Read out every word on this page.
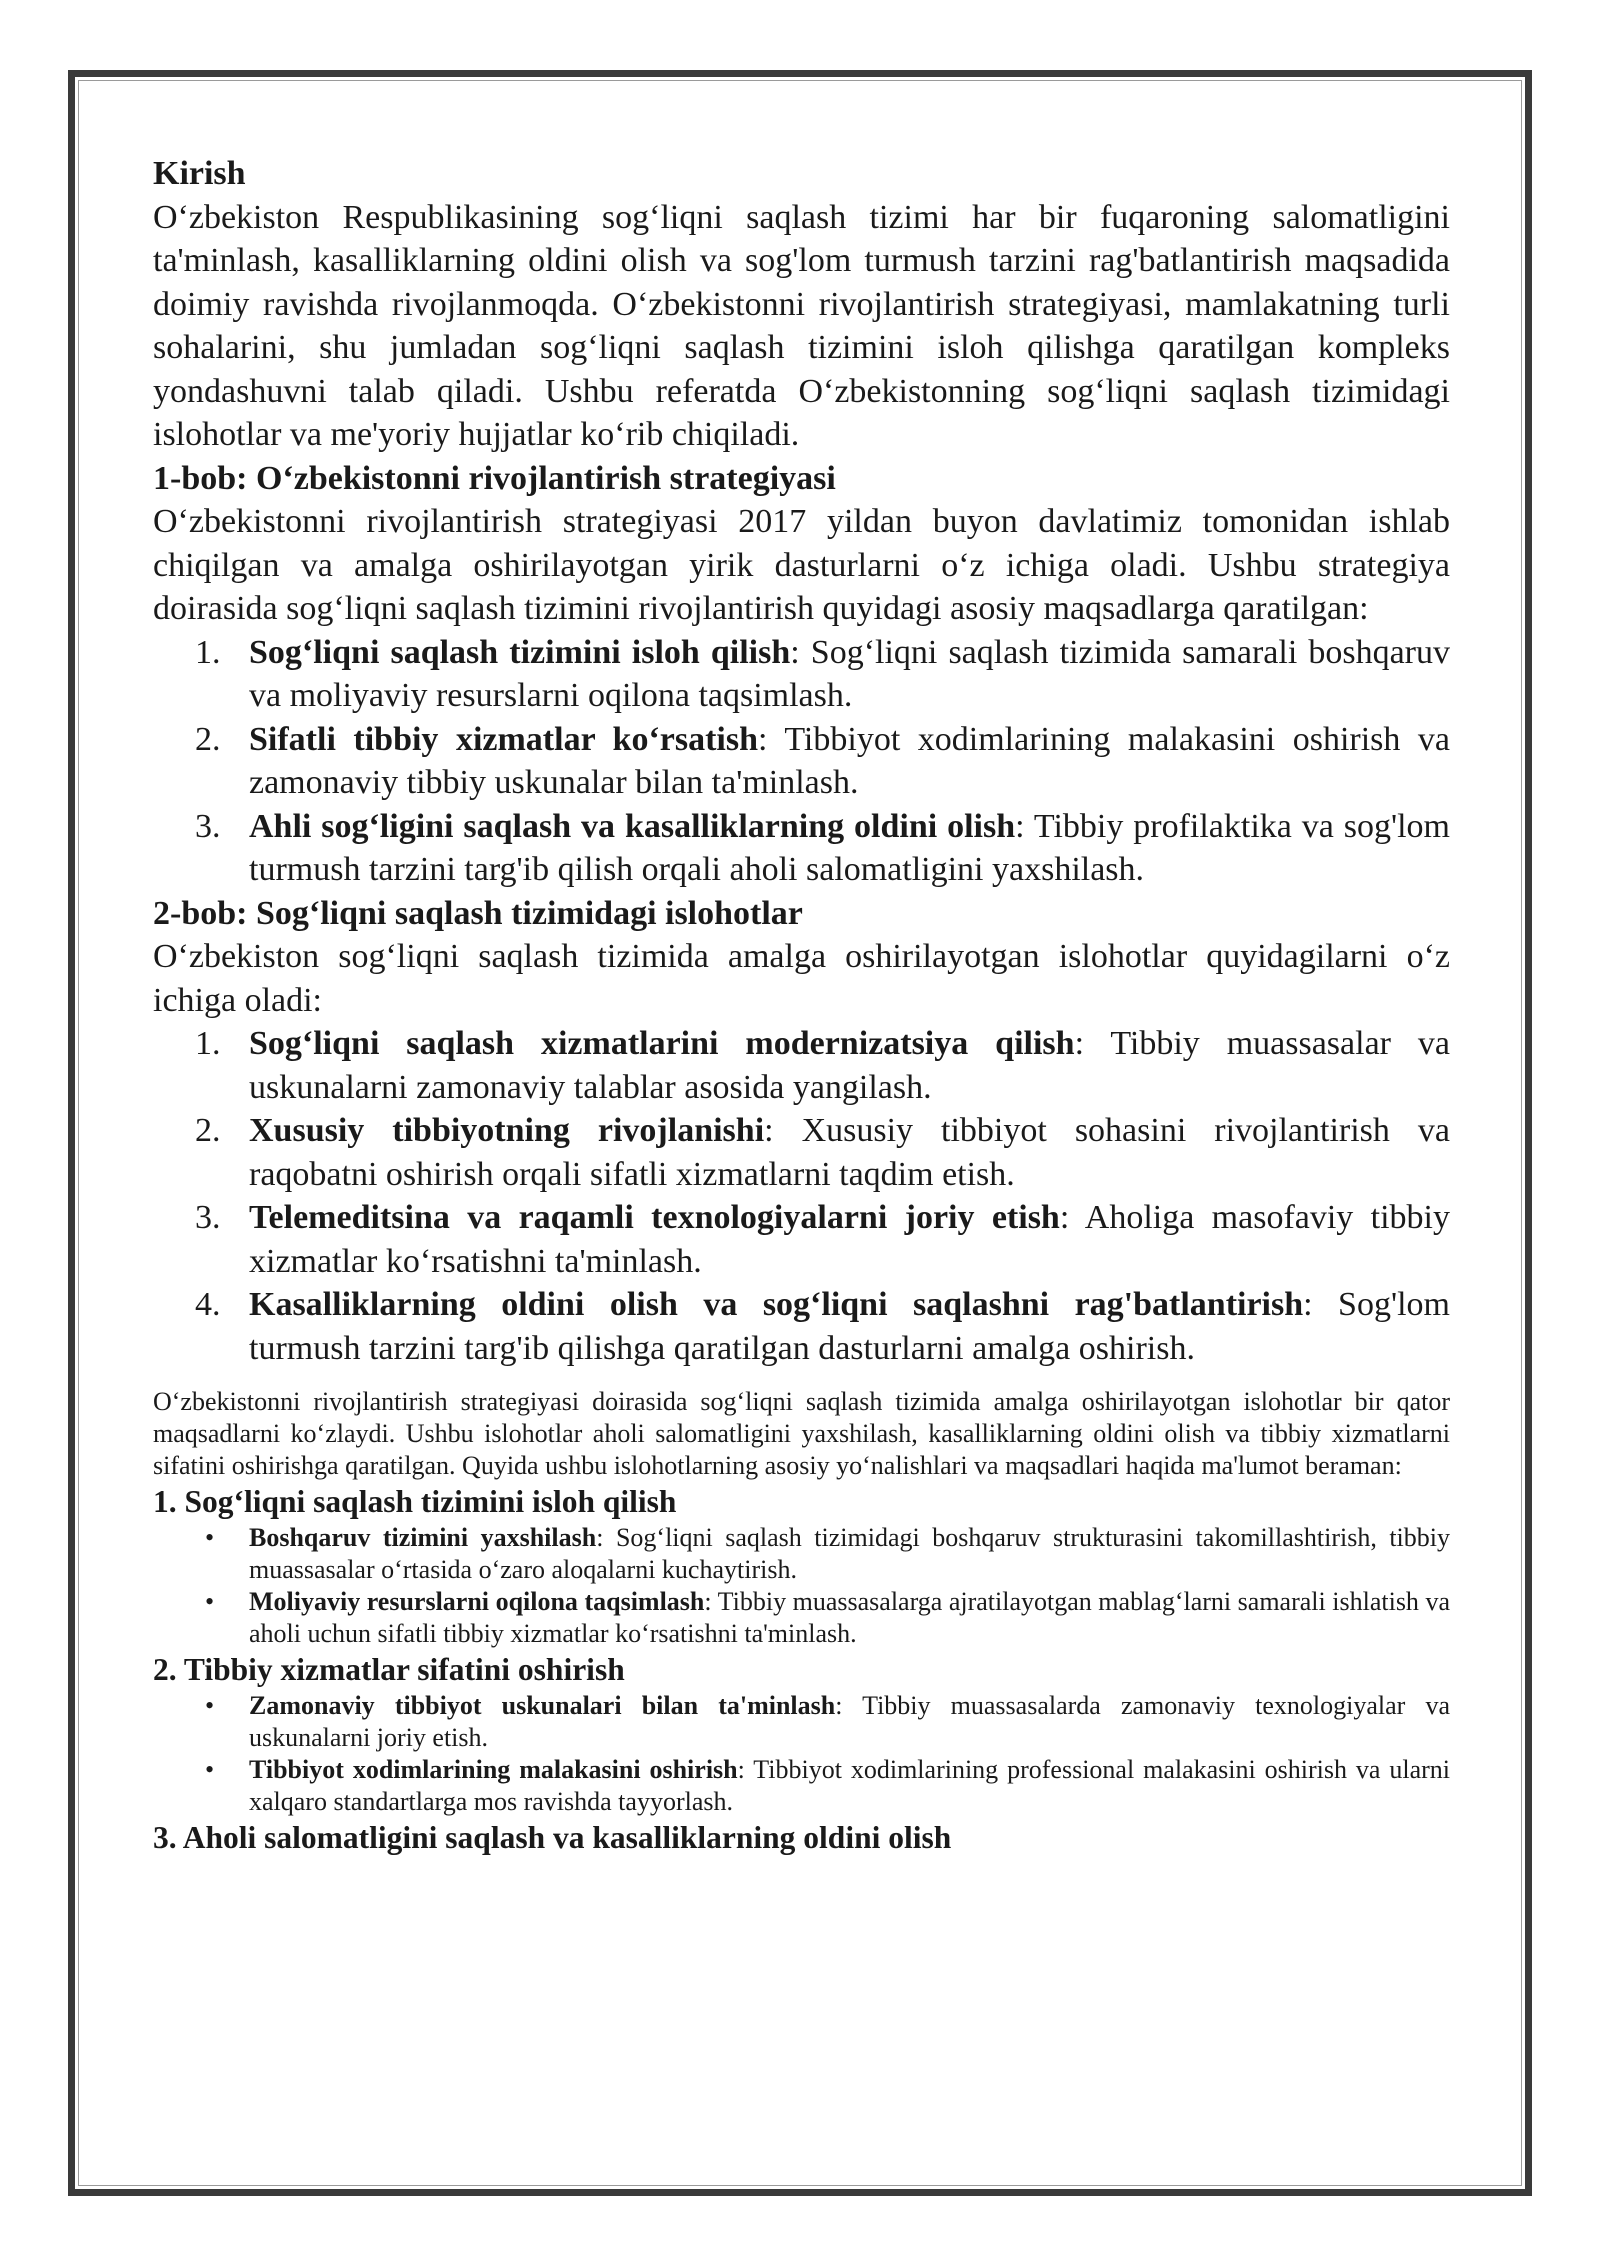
Kirish

O‘zbekiston Respublikasining sog‘liqni saqlash tizimi har bir fuqaroning salomatligini ta'minlash, kasalliklarning oldini olish va sog'lom turmush tarzini rag'batlantirish maqsadida doimiy ravishda rivojlanmoqda. O‘zbekistonni rivojlantirish strategiyasi, mamlakatning turli sohalarini, shu jumladan sog‘liqni saqlash tizimini isloh qilishga qaratilgan kompleks yondashuvni talab qiladi. Ushbu referatda O‘zbekistonning sog‘liqni saqlash tizimidagi islohotlar va me'yoriy hujjatlar ko‘rib chiqiladi.

1-bob: O‘zbekistonni rivojlantirish strategiyasi

O‘zbekistonni rivojlantirish strategiyasi 2017 yildan buyon davlatimiz tomonidan ishlab chiqilgan va amalga oshirilayotgan yirik dasturlarni o‘z ichiga oladi. Ushbu strategiya doirasida sog‘liqni saqlash tizimini rivojlantirish quyidagi asosiy maqsadlarga qaratilgan:

1. Sog‘liqni saqlash tizimini isloh qilish: Sog‘liqni saqlash tizimida samarali boshqaruv va moliyaviy resurslarni oqilona taqsimlash.
2. Sifatli tibbiy xizmatlar ko‘rsatish: Tibbiyot xodimlarining malakasini oshirish va zamonaviy tibbiy uskunalar bilan ta'minlash.
3. Ahli sog‘ligini saqlash va kasalliklarning oldini olish: Tibbiy profilaktika va sog'lom turmush tarzini targ'ib qilish orqali aholi salomatligini yaxshilash.
2-bob: Sog‘liqni saqlash tizimidagi islohotlar

O‘zbekiston sog‘liqni saqlash tizimida amalga oshirilayotgan islohotlar quyidagilarni o‘z ichiga oladi:

1. Sog‘liqni saqlash xizmatlarini modernizatsiya qilish: Tibbiy muassasalar va uskunalarni zamonaviy talablar asosida yangilash.
2. Xususiy tibbiyotning rivojlanishi: Xususiy tibbiyot sohasini rivojlantirish va raqobatni oshirish orqali sifatli xizmatlarni taqdim etish.
3. Telemeditsina va raqamli texnologiyalarni joriy etish: Aholiga masofaviy tibbiy xizmatlar ko‘rsatishni ta'minlash.
4. Kasalliklarning oldini olish va sog‘liqni saqlashni rag'batlantirish: Sog'lom turmush tarzini targ'ib qilishga qaratilgan dasturlarni amalga oshirish.

O‘zbekistonni rivojlantirish strategiyasi doirasida sog‘liqni saqlash tizimida amalga oshirilayotgan islohotlar bir qator maqsadlarni ko‘zlaydi. Ushbu islohotlar aholi salomatligini yaxshilash, kasalliklarning oldini olish va tibbiy xizmatlarni sifatini oshirishga qaratilgan. Quyida ushbu islohotlarning asosiy yo‘nalishlari va maqsadlari haqida ma'lumot beraman:

1. Sog‘liqni saqlash tizimini isloh qilish
• Boshqaruv tizimini yaxshilash: Sog‘liqni saqlash tizimidagi boshqaruv strukturasini takomillashtirish, tibbiy muassasalar o‘rtasida o‘zaro aloqalarni kuchaytirish.
• Moliyaviy resurslarni oqilona taqsimlash: Tibbiy muassasalarga ajratilayotgan mablag‘larni samarali ishlatish va aholi uchun sifatli tibbiy xizmatlar ko‘rsatishni ta'minlash.
2. Tibbiy xizmatlar sifatini oshirish
• Zamonaviy tibbiyot uskunalari bilan ta'minlash: Tibbiy muassasalarda zamonaviy texnologiyalar va uskunalarni joriy etish.
• Tibbiyot xodimlarining malakasini oshirish: Tibbiyot xodimlarining professional malakasini oshirish va ularni xalqaro standartlarga mos ravishda tayyorlash.
3. Aholi salomatligini saqlash va kasalliklarning oldini olish
